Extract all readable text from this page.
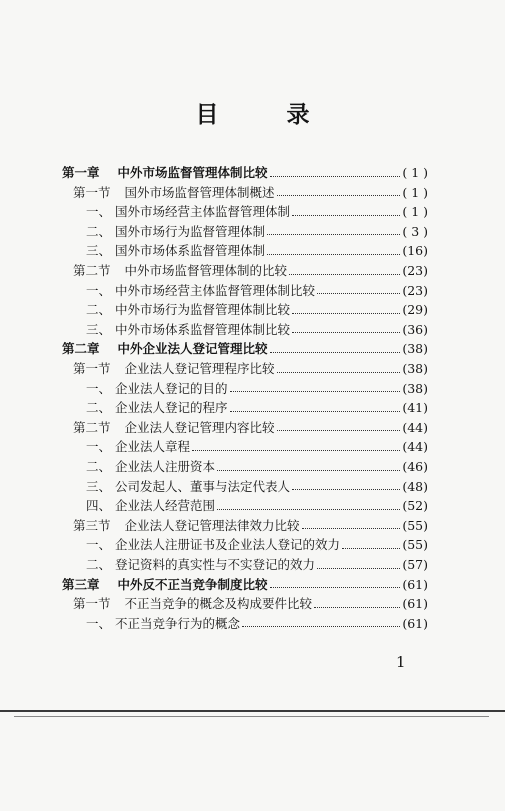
目 录
第一章 中外市场监督管理体制比较	( 1 )
第一节 国外市场监督管理体制概述	( 1 )
一、 国外市场经营主体监督管理体制	( 1 )
二、 国外市场行为监督管理体制	( 3 )
三、 国外市场体系监督管理体制	(16)
第二节 中外市场监督管理体制的比较	(23)
一、 中外市场经营主体监督管理体制比较	(23)
二、 中外市场行为监督管理体制比较	(29)
三、 中外市场体系监督管理体制比较	(36)
第二章 中外企业法人登记管理比较	(38)
第一节 企业法人登记管理程序比较	(38)
一、 企业法人登记的目的	(38)
二、 企业法人登记的程序	(41)
第二节 企业法人登记管理内容比较	(44)
一、 企业法人章程	(44)
二、 企业法人注册资本	(46)
三、 公司发起人、董事与法定代表人	(48)
四、 企业法人经营范围	(52)
第三节 企业法人登记管理法律效力比较	(55)
一、 企业法人注册证书及企业法人登记的效力	(55)
二、 登记资料的真实性与不实登记的效力	(57)
第三章 中外反不正当竞争制度比较	(61)
第一节 不正当竞争的概念及构成要件比较	(61)
一、 不正当竞争行为的概念	(61)
1
